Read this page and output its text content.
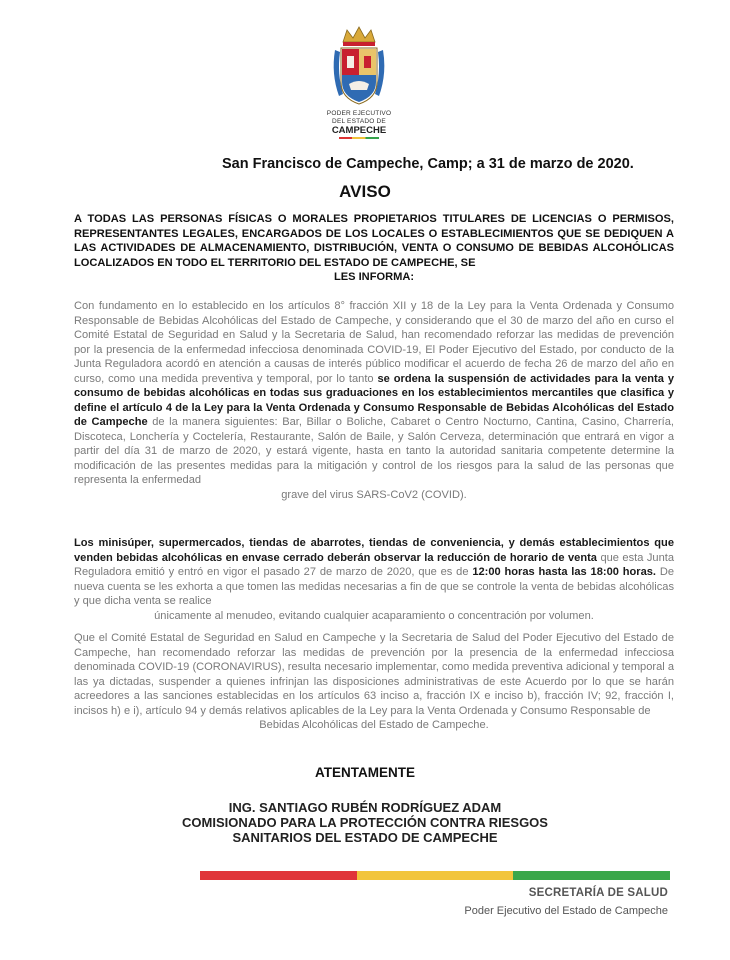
PODER EJECUTIVO
DEL ESTADO DE
CAMPECHE
San Francisco de Campeche, Camp; a 31 de marzo de 2020.
AVISO
A TODAS LAS PERSONAS FÍSICAS O MORALES PROPIETARIOS TITULARES DE LICENCIAS O PERMISOS, REPRESENTANTES LEGALES, ENCARGADOS DE LOS LOCALES O ESTABLECIMIENTOS QUE SE DEDIQUEN A LAS ACTIVIDADES DE ALMACENAMIENTO, DISTRIBUCIÓN, VENTA O CONSUMO DE BEBIDAS ALCOHÓLICAS LOCALIZADOS EN TODO EL TERRITORIO DEL ESTADO DE CAMPECHE, SE
LES INFORMA:
Con fundamento en lo establecido en los artículos 8° fracción XII y 18 de la Ley para la Venta Ordenada y Consumo Responsable de Bebidas Alcohólicas del Estado de Campeche, y considerando que el 30 de marzo del año en curso el Comité Estatal de Seguridad en Salud y la Secretaria de Salud, han recomendado reforzar las medidas de prevención por la presencia de la enfermedad infecciosa denominada COVID-19, El Poder Ejecutivo del Estado, por conducto de la Junta Reguladora acordó en atención a causas de interés público modificar el acuerdo de fecha 26 de marzo del año en curso, como una medida preventiva y temporal, por lo tanto se ordena la suspensión de actividades para la venta y consumo de bebidas alcohólicas en todas sus graduaciones en los establecimientos mercantiles que clasifica y define el artículo 4 de la Ley para la Venta Ordenada y Consumo Responsable de Bebidas Alcohólicas del Estado de Campeche de la manera siguientes: Bar, Billar o Boliche, Cabaret o Centro Nocturno, Cantina, Casino, Charrería, Discoteca, Lonchería y Coctelería, Restaurante, Salón de Baile, y Salón Cerveza, determinación que entrará en vigor a partir del día 31 de marzo de 2020, y estará vigente, hasta en tanto la autoridad sanitaria competente determine la modificación de las presentes medidas para la mitigación y control de los riesgos para la salud de las personas que representa la enfermedad
grave del virus SARS-CoV2 (COVID).
Los minisúper, supermercados, tiendas de abarrotes, tiendas de conveniencia, y demás establecimientos que venden bebidas alcohólicas en envase cerrado deberán observar la reducción de horario de venta que esta Junta Reguladora emitió y entró en vigor el pasado 27 de marzo de 2020, que es de 12:00 horas hasta las 18:00 horas. De nueva cuenta se les exhorta a que tomen las medidas necesarias a fin de que se controle la venta de bebidas alcohólicas y que dicha venta se realice
únicamente al menudeo, evitando cualquier acaparamiento o concentración por volumen.
Que el Comité Estatal de Seguridad en Salud en Campeche y la Secretaria de Salud del Poder Ejecutivo del Estado de Campeche, han recomendado reforzar las medidas de prevención por la presencia de la enfermedad infecciosa denominada COVID-19 (CORONAVIRUS), resulta necesario implementar, como medida preventiva adicional y temporal a las ya dictadas, suspender a quienes infrinjan las disposiciones administrativas de este Acuerdo por lo que se harán acreedores a las sanciones establecidas en los artículos 63 inciso a, fracción IX e inciso b), fracción IV; 92, fracción I, incisos h) e i), artículo 94 y demás relativos aplicables de la Ley para la Venta Ordenada y Consumo Responsable de
Bebidas Alcohólicas del Estado de Campeche.
ATENTAMENTE
ING. SANTIAGO RUBÉN RODRÍGUEZ ADAM
COMISIONADO PARA LA PROTECCIÓN CONTRA RIESGOS
SANITARIOS DEL ESTADO DE CAMPECHE
SECRETARÍA DE SALUD
Poder Ejecutivo del Estado de Campeche
